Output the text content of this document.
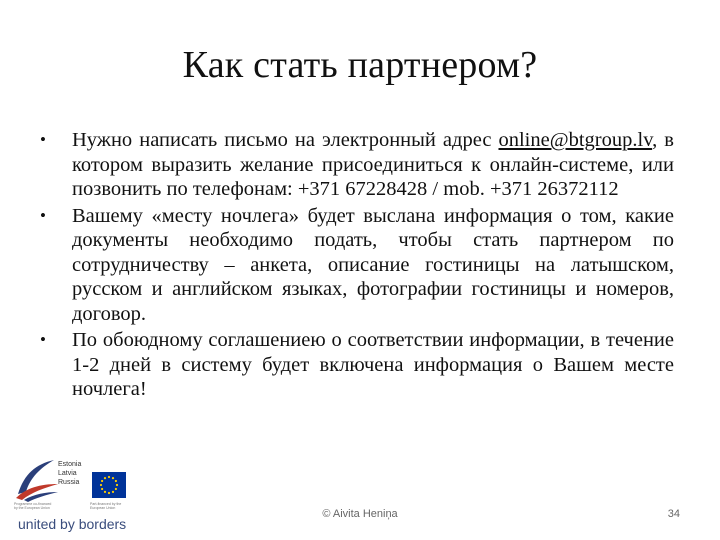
Как стать партнером?
• Нужно написать письмо на электронный адрес online@btgroup.lv, в котором выразить желание присоединиться к онлайн-системе, или позвонить по телефонам: +371 67228428 / mob. +371 26372112
• Вашему «месту ночлега» будет выслана информация о том, какие документы необходимо подать, чтобы стать партнером по сотрудничеству – анкета, описание гостиницы на латышском, русском и английском языках, фотографии гостиницы и номеров, договор.
• По обоюдному соглашениею о соответствии информации, в течение 1-2 дней в систему будет включена информация о Вашем месте ночлега!
Estonia
Latvia
Russia
Programme co-financed by the European Union
Part-financed by the European Union
united by borders
© Aivita Heniņa	34
